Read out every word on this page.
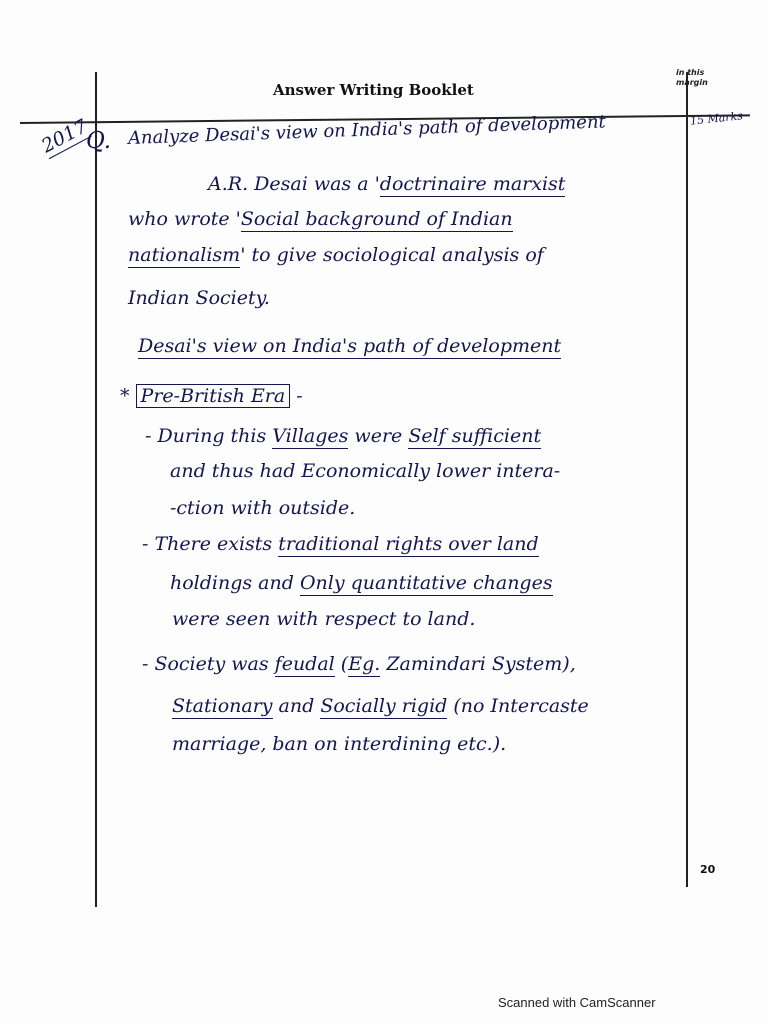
Answer Writing Booklet
in this
margin
2017
Q.
15 Marks
Analyze Desai's view on India's path of development
A.R. Desai was a 'doctrinaire marxist
who wrote 'Social background of Indian
nationalism' to give sociological analysis of
Indian Society.
Desai's view on India's path of development
* Pre-British Era -
- During this Villages were Self sufficient
and thus had Economically lower intera-
-ction with outside.
- There exists traditional rights over land
holdings and Only quantitative changes
were seen with respect to land.
- Society was feudal (Eg. Zamindari System),
Stationary and Socially rigid (no Intercaste
marriage, ban on interdining etc.).
20
Scanned with CamScanner
